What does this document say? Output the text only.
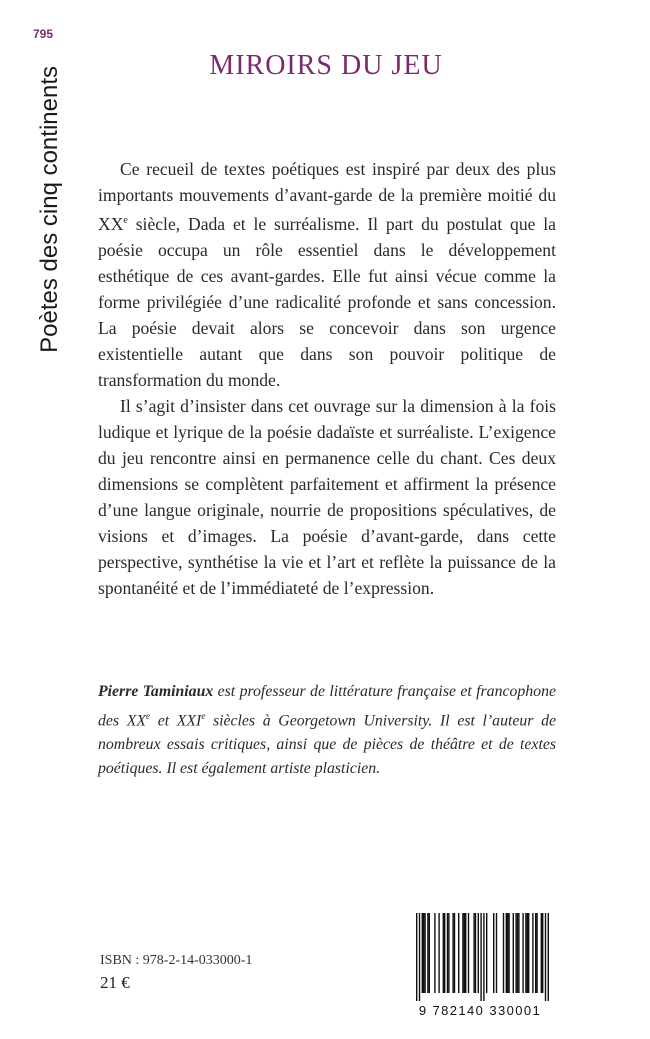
795
Poètes des cinq continents
MIROIRS DU JEU

Ce recueil de textes poétiques est inspiré par deux des plus importants mouvements d’avant-garde de la première moitié du XXe siècle, Dada et le surréalisme. Il part du postulat que la poésie occupa un rôle essentiel dans le développement esthétique de ces avant-gardes. Elle fut ainsi vécue comme la forme privilégiée d’une radicalité profonde et sans concession. La poésie devait alors se concevoir dans son urgence existentielle autant que dans son pouvoir politique de transformation du monde.

Il s’agit d’insister dans cet ouvrage sur la dimension à la fois ludique et lyrique de la poésie dadaïste et surréaliste. L’exigence du jeu rencontre ainsi en permanence celle du chant. Ces deux dimensions se complètent parfaitement et affirment la présence d’une langue originale, nourrie de propositions spéculatives, de visions et d’images. La poésie d’avant-garde, dans cette perspective, synthétise la vie et l’art et reflète la puissance de la spontanéité et de l’immédiateté de l’expression.

Pierre Taminiaux est professeur de littérature française et francophone des XXe et XXIe siècles à Georgetown University. Il est l’auteur de nombreux essais critiques, ainsi que de pièces de théâtre et de textes poétiques. Il est également artiste plasticien.
ISBN : 978-2-14-033000-1
21 €
9 782140 330001
